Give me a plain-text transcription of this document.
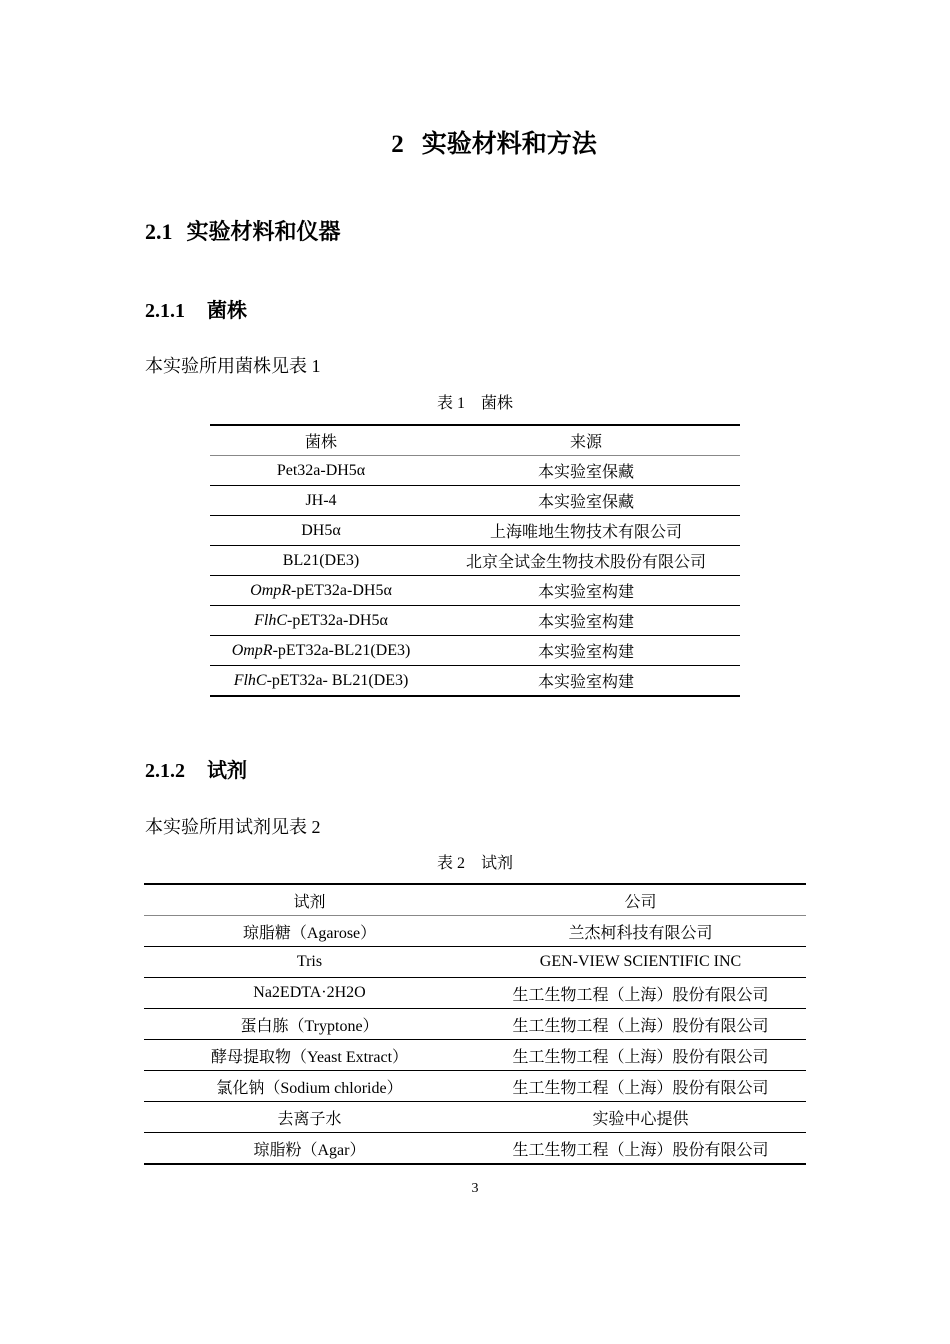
2 实验材料和方法
2.1 实验材料和仪器
2.1.1 菌株
本实验所用菌株见表 1
表 1 菌株
菌株	来源
Pet32a-DH5α	本实验室保藏
JH-4	本实验室保藏
DH5α	上海唯地生物技术有限公司
BL21(DE3)	北京全试金生物技术股份有限公司
OmpR-pET32a-DH5α	本实验室构建
FlhC-pET32a-DH5α	本实验室构建
OmpR-pET32a-BL21(DE3)	本实验室构建
FlhC-pET32a- BL21(DE3)	本实验室构建
2.1.2 试剂
本实验所用试剂见表 2
表 2 试剂
试剂	公司
琼脂糖（Agarose）	兰杰柯科技有限公司
Tris	GEN-VIEW SCIENTIFIC INC
Na2EDTA·2H2O	生工生物工程（上海）股份有限公司
蛋白胨（Tryptone）	生工生物工程（上海）股份有限公司
酵母提取物（Yeast Extract）	生工生物工程（上海）股份有限公司
氯化钠（Sodium chloride）	生工生物工程（上海）股份有限公司
去离子水	实验中心提供
琼脂粉（Agar）	生工生物工程（上海）股份有限公司
3
